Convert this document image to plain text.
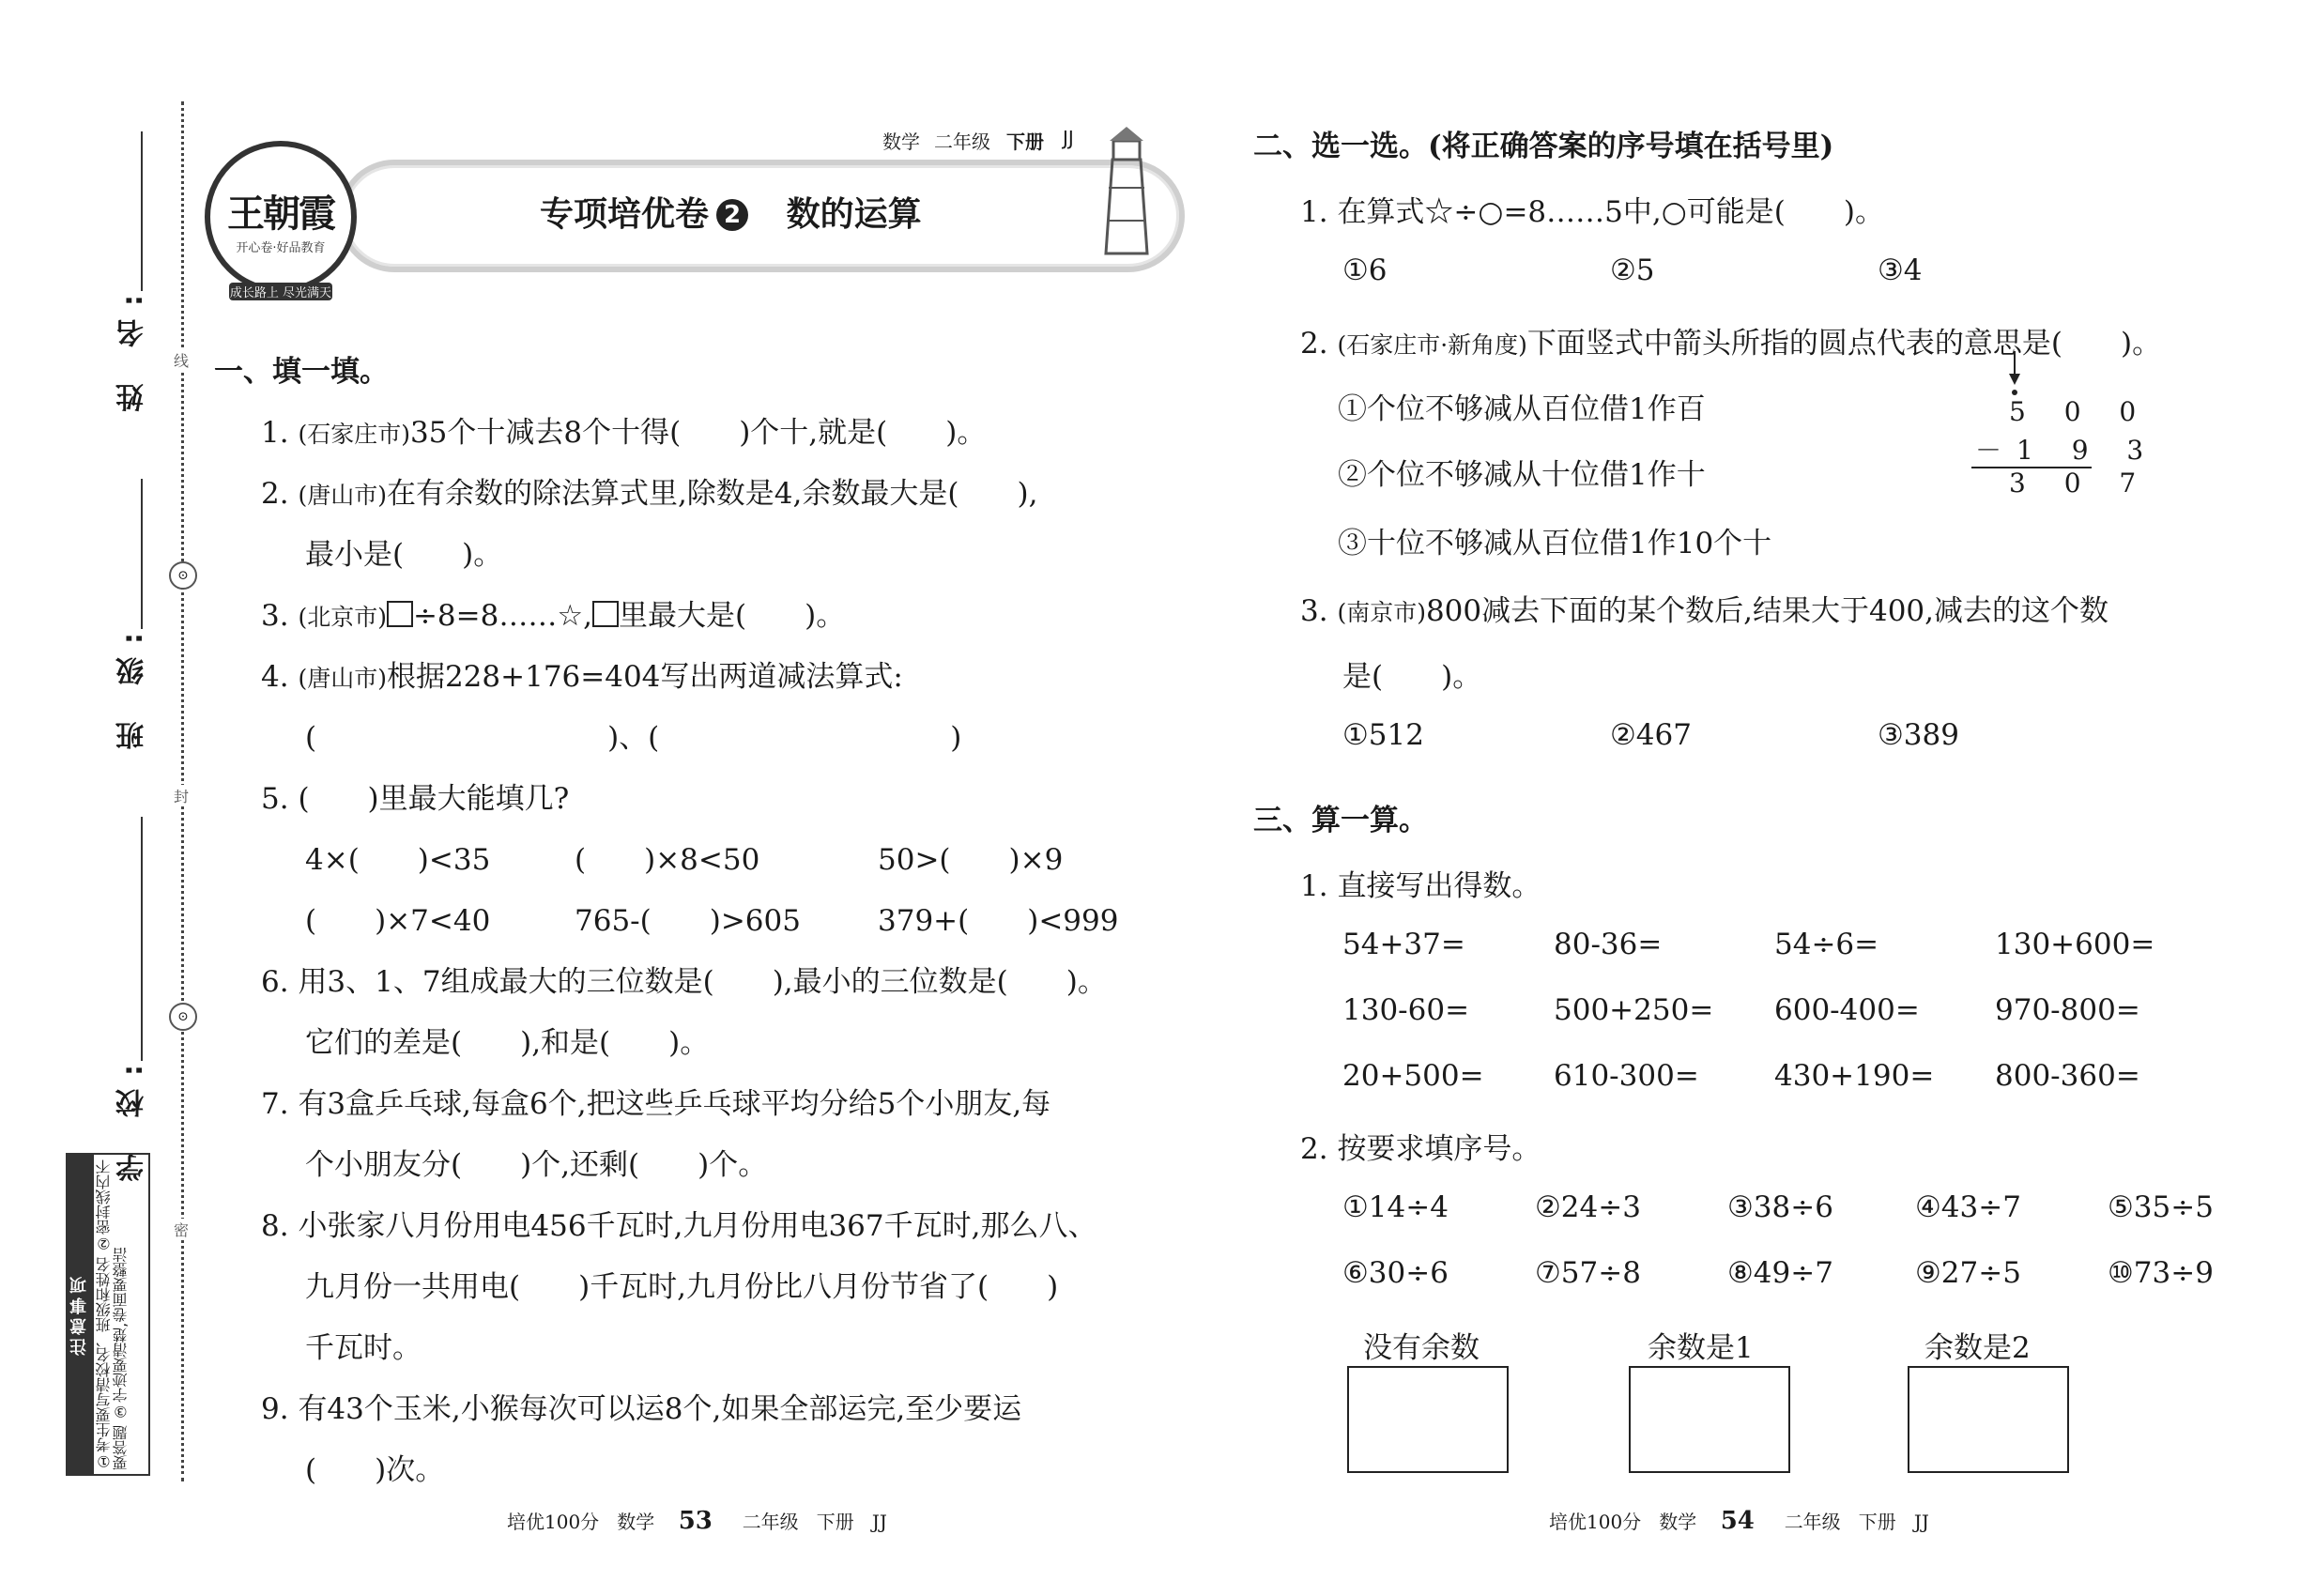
姓 名:
班 级:
学 校:
线
⊙
封
⊙
密
注意事项 ①考生要写清校名、班级和姓名 ②密封线内不要答题 ③字迹要清楚,卷面要整洁
王朝霞
开心卷·好品教育
成长路上 尽光满天
数学 二年级 下册 JJ
专项培优卷 2 数的运算
一、填一填。
1. (石家庄市)35个十减去8个十得(　　)个十,就是(　　)。
2. (唐山市)在有余数的除法算式里,除数是4,余数最大是(　　),
最小是(　　)。
3. (北京市) ÷8=8……☆, 里最大是(　　)。
4. (唐山市)根据228+176=404写出两道减法算式:
(　　　　　　　　　　)、(　　　　　　　　　　)
5. (　　)里最大能填几?
4×(　　)<35	(　　)×8<50	50>(　　)×9
(　　)×7<40	765-(　　)>605	379+(　　)<999
6. 用3、1、7组成最大的三位数是(　　),最小的三位数是(　　)。
它们的差是(　　),和是(　　)。
7. 有3盒乒乓球,每盒6个,把这些乒乓球平均分给5个小朋友,每
个小朋友分(　　)个,还剩(　　)个。
8. 小张家八月份用电456千瓦时,九月份用电367千瓦时,那么八、
九月份一共用电(　　)千瓦时,九月份比八月份节省了(　　)
千瓦时。
9. 有43个玉米,小猴每次可以运8个,如果全部运完,至少要运
(　　)次。
培优100分 数学 53 二年级 下册 JJ
二、选一选。(将正确答案的序号填在括号里)
1. 在算式☆÷○=8……5中,○可能是(　　)。
①6	②5	③4
2. (石家庄市·新角度)下面竖式中箭头所指的圆点代表的意思是(　　)。
①个位不够减从百位借1作百
②个位不够减从十位借1作十
③十位不够减从百位借1作10个十
5 0 0
－1 9 3
3 0 7
3. (南京市)800减去下面的某个数后,结果大于400,减去的这个数
是(　　)。
①512	②467	③389
三、算一算。
1. 直接写出得数。
54+37=	80-36=	54÷6=	130+600=
130-60=	500+250= 600-400=	970-800=
20+500= 610-300=	430+190= 800-360=
2. 按要求填序号。
①14÷4	②24÷3	③38÷6	④43÷7	⑤35÷5
⑥30÷6	⑦57÷8	⑧49÷7	⑨27÷5	⑩73÷9
没有余数	余数是1	余数是2
培优100分 数学 54 二年级 下册 JJ
